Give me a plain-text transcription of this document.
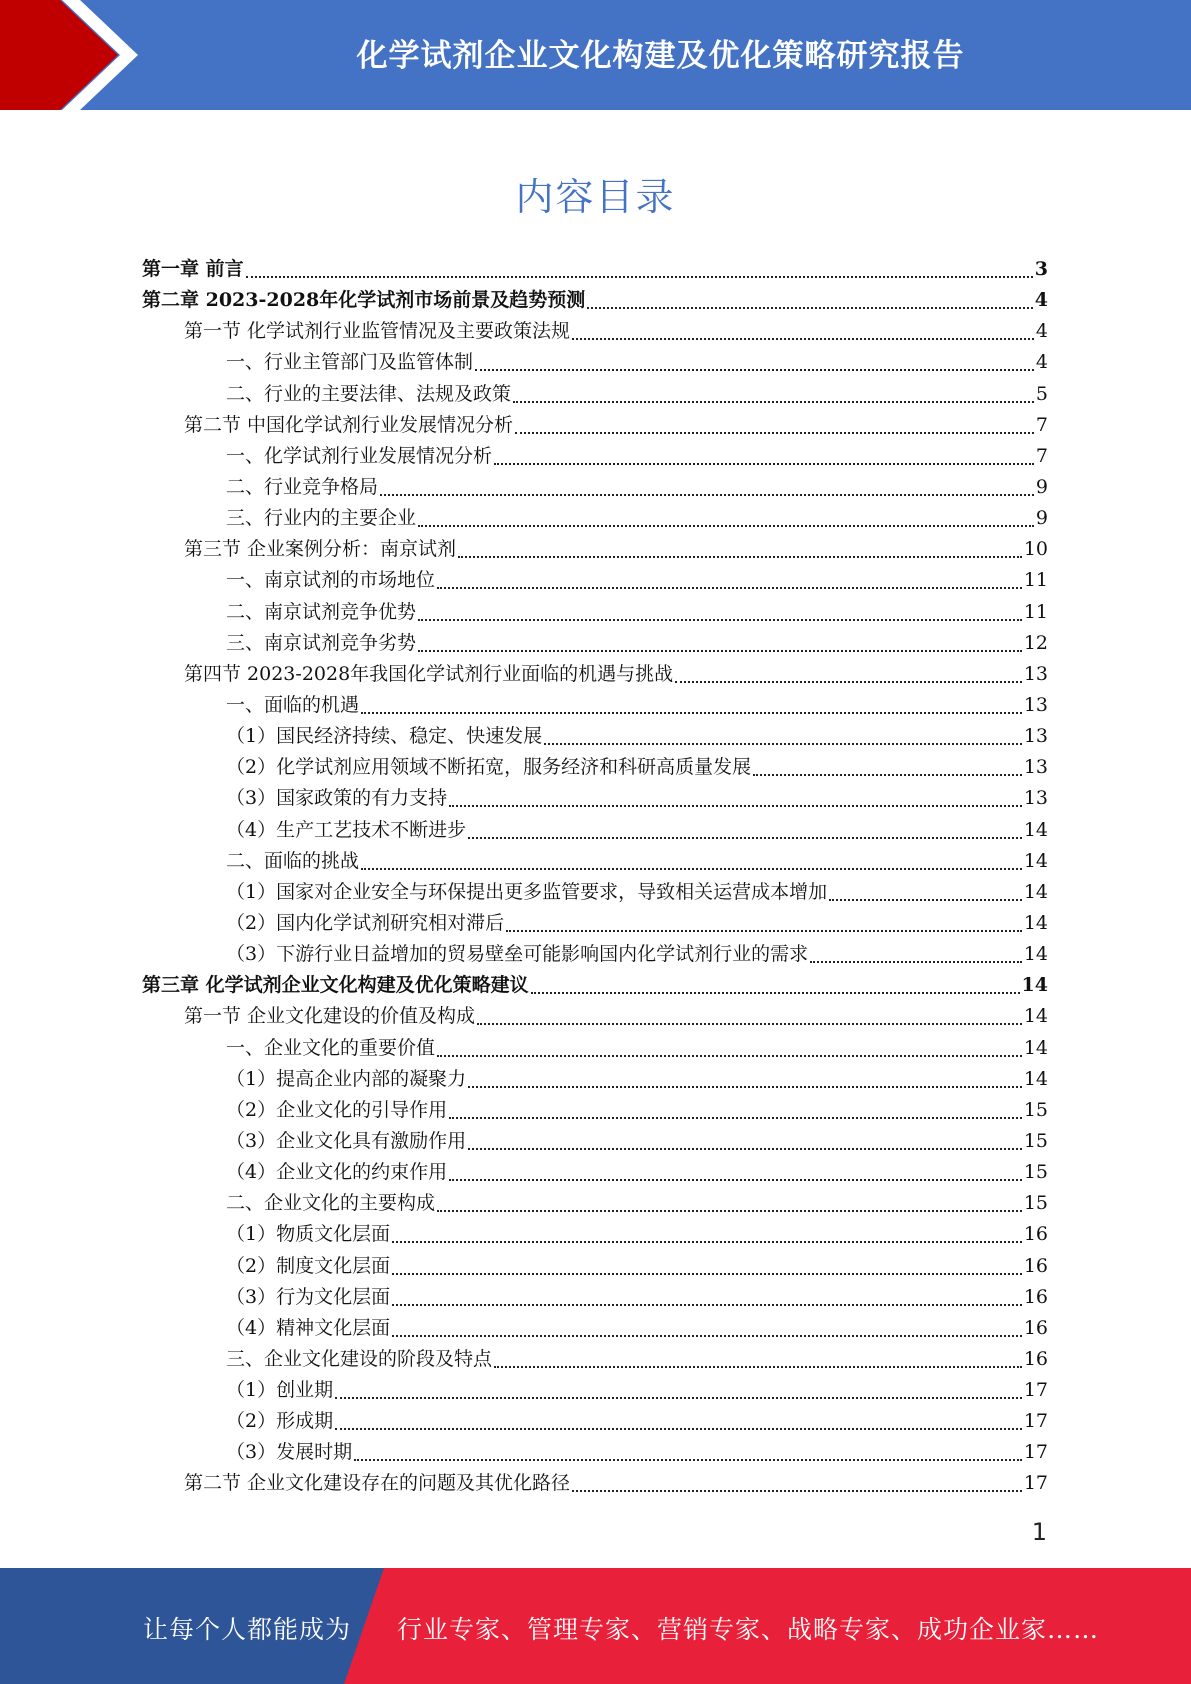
化学试剂企业文化构建及优化策略研究报告
内容目录
第一章 前言	3
第二章 2023-2028年化学试剂市场前景及趋势预测	4
第一节 化学试剂行业监管情况及主要政策法规	4
一、行业主管部门及监管体制	4
二、行业的主要法律、法规及政策	5
第二节 中国化学试剂行业发展情况分析	7
一、化学试剂行业发展情况分析	7
二、行业竞争格局	9
三、行业内的主要企业	9
第三节 企业案例分析：南京试剂	10
一、南京试剂的市场地位	11
二、南京试剂竞争优势	11
三、南京试剂竞争劣势	12
第四节 2023-2028年我国化学试剂行业面临的机遇与挑战	13
一、面临的机遇	13
（1）国民经济持续、稳定、快速发展	13
（2）化学试剂应用领域不断拓宽，服务经济和科研高质量发展	13
（3）国家政策的有力支持	13
（4）生产工艺技术不断进步	14
二、面临的挑战	14
（1）国家对企业安全与环保提出更多监管要求，导致相关运营成本增加	14
（2）国内化学试剂研究相对滞后	14
（3）下游行业日益增加的贸易壁垒可能影响国内化学试剂行业的需求	14
第三章 化学试剂企业文化构建及优化策略建议	14
第一节 企业文化建设的价值及构成	14
一、企业文化的重要价值	14
（1）提高企业内部的凝聚力	14
（2）企业文化的引导作用	15
（3）企业文化具有激励作用	15
（4）企业文化的约束作用	15
二、企业文化的主要构成	15
（1）物质文化层面	16
（2）制度文化层面	16
（3）行为文化层面	16
（4）精神文化层面	16
三、企业文化建设的阶段及特点	16
（1）创业期	17
（2）形成期	17
（3）发展时期	17
第二节 企业文化建设存在的问题及其优化路径	17
1
让每个人都能成为 行业专家、管理专家、营销专家、战略专家、成功企业家……
